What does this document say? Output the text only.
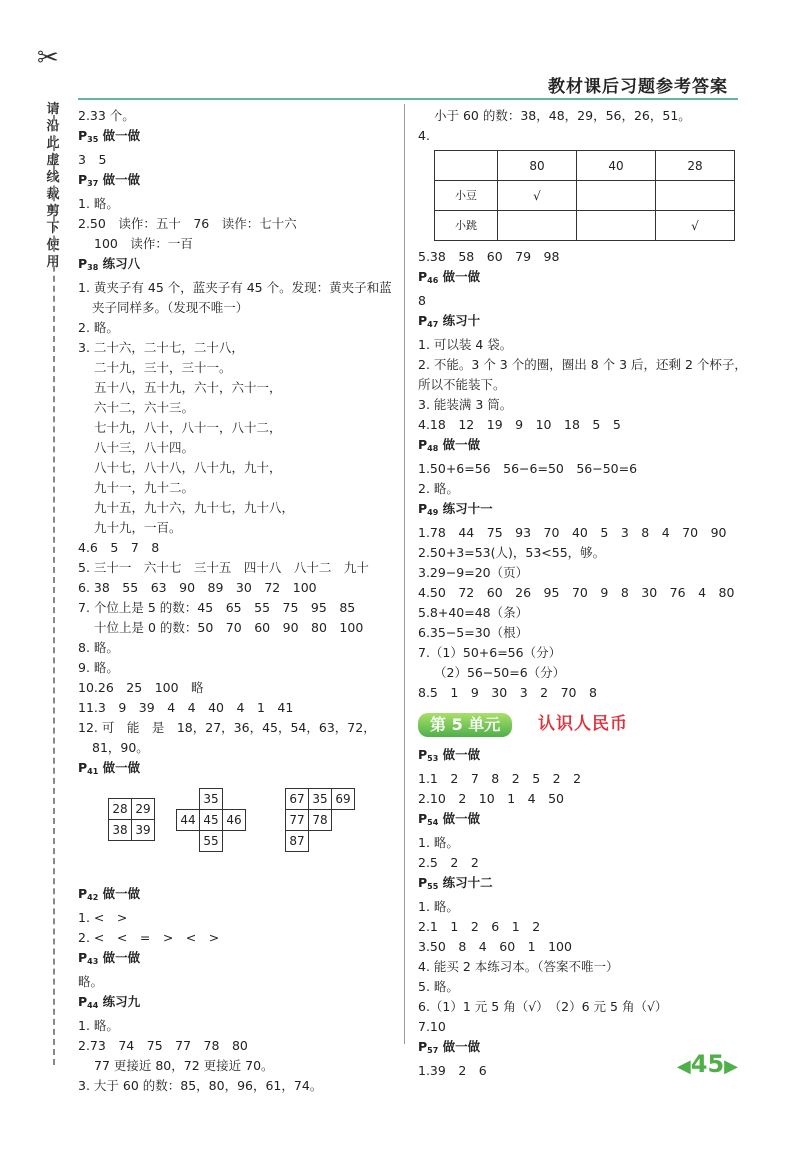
✂
请沿此虚线裁剪下使用
教材课后习题参考答案
2.33 个。
$P_{35}$ 做一做
3　5
$P_{37}$ 做一做
1. 略。
2.50　读作：五十　76　读作：七十六
100　读作：一百
$P_{38}$ 练习八
1. 黄夹子有 45 个，蓝夹子有 45 个。发现：黄夹子和蓝
夹子同样多。（发现不唯一）
2. 略。
3. 二十六，二十七，二十八，
二十九，三十，三十一。
五十八，五十九，六十，六十一，
六十二，六十三。
七十九，八十，八十一，八十二，
八十三，八十四。
八十七，八十八，八十九，九十，
九十一，九十二。
九十五，九十六，九十七，九十八，
九十九，一百。
4.6　5　7　8
5. 三十一　六十七　三十五　四十八　八十二　九十
6. 38　55　63　90　89　30　72　100
7. 个位上是 5 的数：45　65　55　75　95　85
十位上是 0 的数：50　70　60　90　80　100
8. 略。
9. 略。
10.26　25　100　略
11.3　9　39　4　4　40　4　1　41
12. 可　能　是　18，27，36，45，54，63，72，
81，90。
$P_{41}$ 做一做
28	29
38	39
	35	
44	45	46
	55	
67	35	69
77	78	
87		
$P_{42}$ 做一做
1. <　>
2. <　<　=　>　<　>
$P_{43}$ 做一做
略。
$P_{44}$ 练习九
1. 略。
2.73　74　75　77　78　80
77 更接近 80，72 更接近 70。
3. 大于 60 的数：85，80，96，61，74。
小于 60 的数：38，48，29，56，26，51。
4.
	80	40	28
小豆	√		
小跳			√
5.38　58　60　79　98
$P_{46}$ 做一做
8
$P_{47}$ 练习十
1. 可以装 4 袋。
2. 不能。3 个 3 个的圈，圈出 8 个 3 后，还剩 2 个杯子，
所以不能装下。
3. 能装满 3 筒。
4.18　12　19　9　10　18　5　5
$P_{48}$ 做一做
1.50+6=56　56−6=50　56−50=6
2. 略。
$P_{49}$ 练习十一
1.78　44　75　93　70　40　5　3　8　4　70　90
2.50+3=53(人)，53<55，够。
3.29−9=20（页）
4.50　72　60　26　95　70　9　8　30　76　4　80
5.8+40=48（条）
6.35−5=30（根）
7.（1）50+6=56（分）
（2）56−50=6（分）
8.5　1　9　30　3　2　70　8
第 5 单元	认识人民币
$P_{53}$ 做一做
1.1　2　7　8　2　5　2　2
2.10　2　10　1　4　50
$P_{54}$ 做一做
1. 略。
2.5　2　2
$P_{55}$ 练习十二
1. 略。
2.1　1　2　6　1　2
3.50　8　4　60　1　100
4. 能买 2 本练习本。（答案不唯一）
5. 略。
6.（1）1 元 5 角（√）　（2）6 元 5 角（√）
7.10
$P_{57}$ 做一做
1.39　2　6	◀45▶
